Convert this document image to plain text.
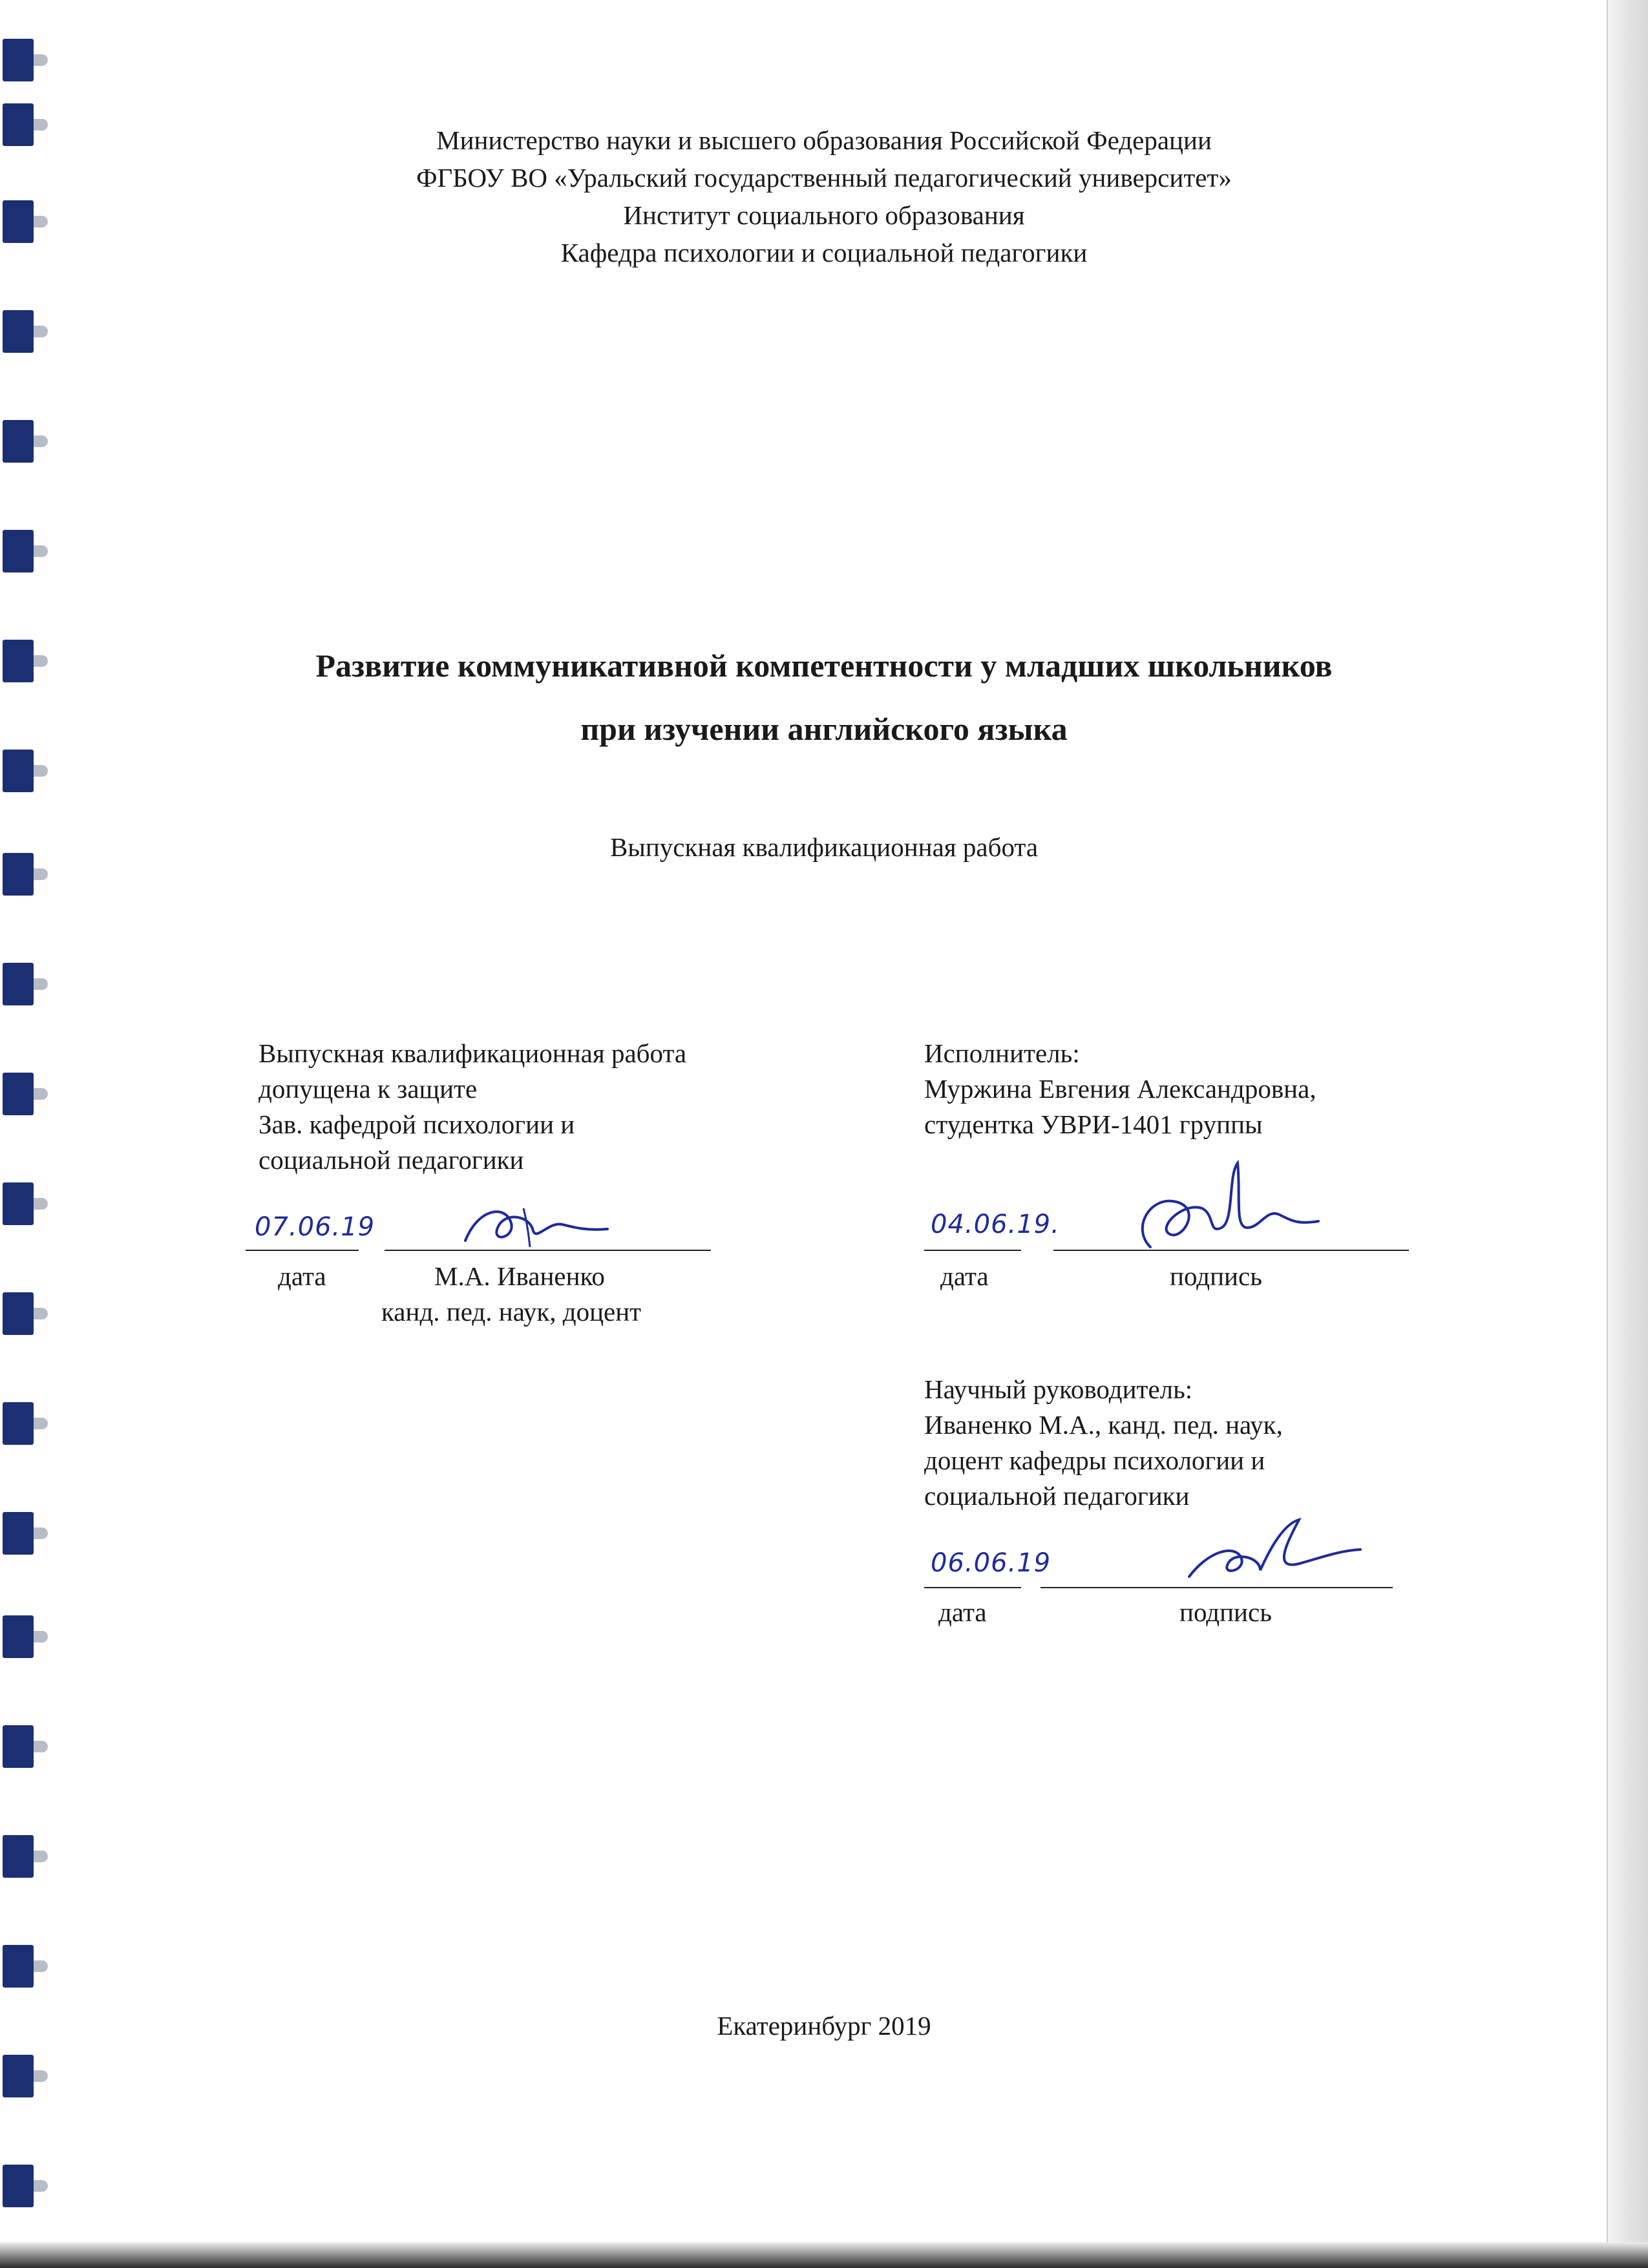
Министерство науки и высшего образования Российской Федерации
ФГБОУ ВО «Уральский государственный педагогический университет»
Институт социального образования
Кафедра психологии и социальной педагогики
Развитие коммуникативной компетентности у младших школьников
при изучении английского языка
Выпускная квалификационная работа
Выпускная квалификационная работа
допущена к защите
Зав. кафедрой психологии и
социальной педагогики
07.06.19
дата	М.А. Иваненко
канд. пед. наук, доцент
Исполнитель:
Муржина Евгения Александровна,
студентка УВРИ-1401 группы
04.06.19.
дата	подпись
Научный руководитель:
Иваненко М.А., канд. пед. наук,
доцент кафедры психологии и
социальной педагогики
06.06.19
дата	подпись
Екатеринбург 2019
